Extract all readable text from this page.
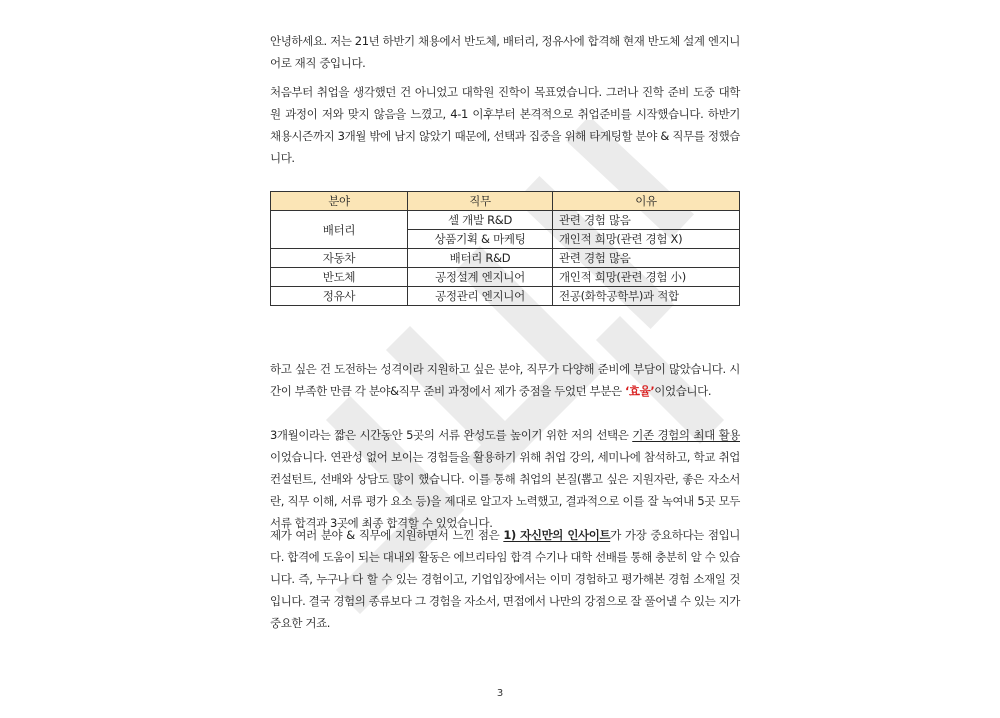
안녕하세요. 저는 21년 하반기 채용에서 반도체, 배터리, 정유사에 합격해 현재 반도체 설계 엔지니어로 재직 중입니다.

처음부터 취업을 생각했던 건 아니었고 대학원 진학이 목표였습니다. 그러나 진학 준비 도중 대학원 과정이 저와 맞지 않음을 느꼈고, 4-1 이후부터 본격적으로 취업준비를 시작했습니다. 하반기 채용시즌까지 3개월 밖에 남지 않았기 때문에, 선택과 집중을 위해 타게팅할 분야 & 직무를 정했습니다.

분야	직무	이유
배터리	셀 개발 R&D	관련 경험 많음
	상품기획 & 마케팅	개인적 희망(관련 경험 X)
자동차	배터리 R&D	관련 경험 많음
반도체	공정설계 엔지니어	개인적 희망(관련 경험 小)
정유사	공정관리 엔지니어	전공(화학공학부)과 적합

하고 싶은 건 도전하는 성격이라 지원하고 싶은 분야, 직무가 다양해 준비에 부담이 많았습니다. 시간이 부족한 만큼 각 분야&직무 준비 과정에서 제가 중점을 두었던 부분은 ‘효율’이었습니다.

3개월이라는 짧은 시간동안 5곳의 서류 완성도를 높이기 위한 저의 선택은 기존 경험의 최대 활용이었습니다. 연관성 없어 보이는 경험들을 활용하기 위해 취업 강의, 세미나에 참석하고, 학교 취업 컨설턴트, 선배와 상담도 많이 했습니다. 이를 통해 취업의 본질(뽑고 싶은 지원자란, 좋은 자소서란, 직무 이해, 서류 평가 요소 등)을 제대로 알고자 노력했고, 결과적으로 이를 잘 녹여내 5곳 모두 서류 합격과 3곳에 최종 합격할 수 있었습니다.

제가 여러 분야 & 직무에 지원하면서 느낀 점은 1) 자신만의 인사이트가 가장 중요하다는 점입니다. 합격에 도움이 되는 대내외 활동은 에브리타임 합격 수기나 대학 선배를 통해 충분히 알 수 있습니다. 즉, 누구나 다 할 수 있는 경험이고, 기업입장에서는 이미 경험하고 평가해본 경험 소재일 것입니다. 결국 경험의 종류보다 그 경험을 자소서, 면접에서 나만의 강점으로 잘 풀어낼 수 있는 지가 중요한 거죠.

3
